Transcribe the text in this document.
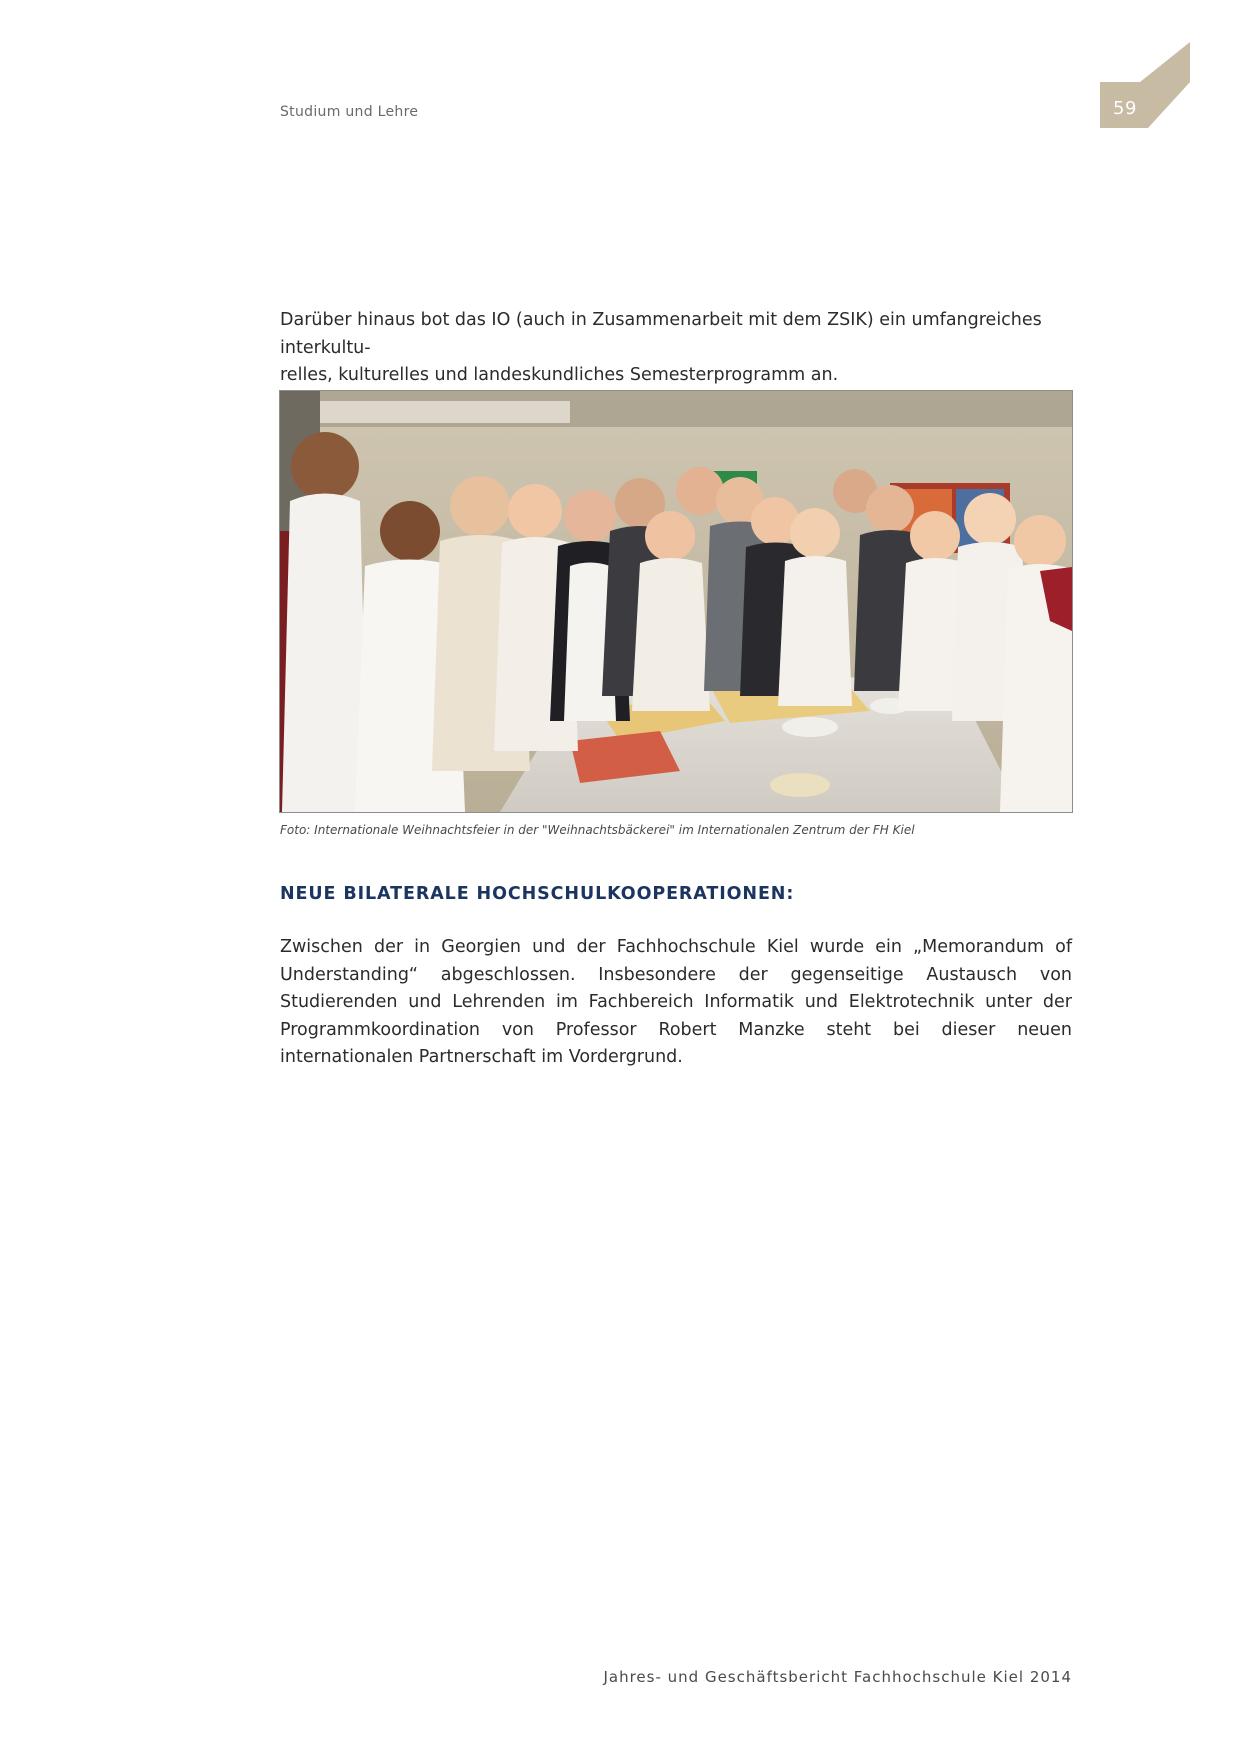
Studium und Lehre	59

Darüber hinaus bot das IO (auch in Zusammenarbeit mit dem ZSIK) ein umfangreiches interkultu-
relles, kulturelles und landeskundliches Semesterprogramm an.

Foto: Internationale Weihnachtsfeier in der "Weihnachtsbäckerei" im Internationalen Zentrum der FH Kiel
NEUE BILATERALE HOCHSCHULKOOPERATIONEN:

Zwischen der in Georgien und der Fachhochschule Kiel wurde ein „Memorandum of Understanding“ abgeschlossen. Insbesondere der gegenseitige Austausch von Studierenden und Lehrenden im Fachbereich Informatik und Elektrotechnik unter der Programmkoordination von Professor Robert Manzke steht bei dieser neuen internationalen Partnerschaft im Vordergrund.

Jahres- und Geschäftsbericht Fachhochschule Kiel 2014
